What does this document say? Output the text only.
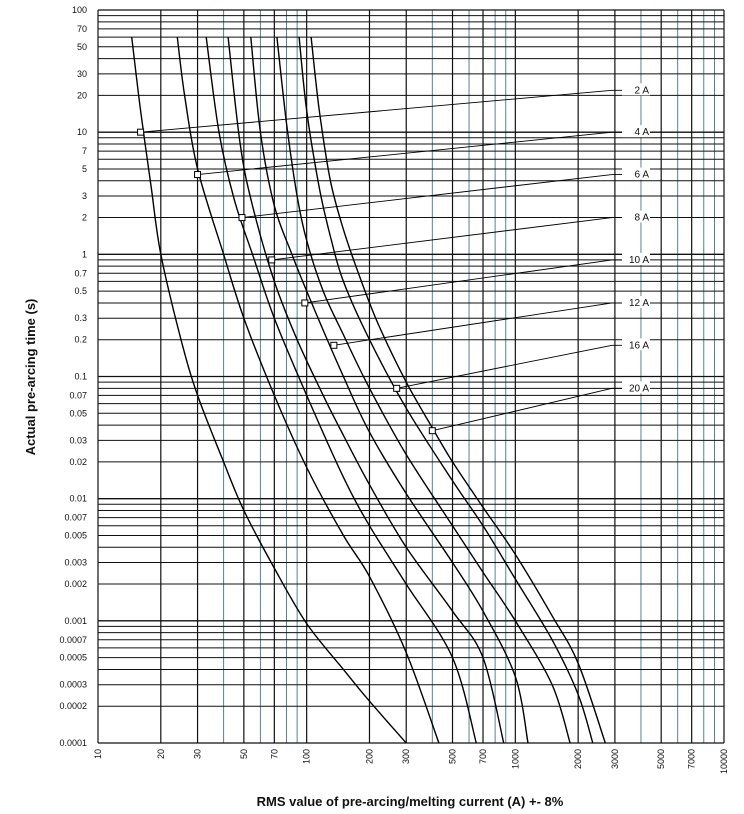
2 A
4 A
6 A
8 A
10 A
12 A
16 A
20 A
100
70
50
30
20
10
7
5
3
2
1
0.7
0.5
0.3
0.2
0.1
0.07
0.05
0.03
0.02
0.01
0.007
0.005
0.003
0.002
0.001
0.0007
0.0005
0.0003
0.0002
0.0001
10	20	30	50 70 100	200	300	500 700 1000	2000	3000	5000 7000 10000
RMS value of pre-arcing/melting current (A) +- 8%
Actual pre-arcing time (s)
